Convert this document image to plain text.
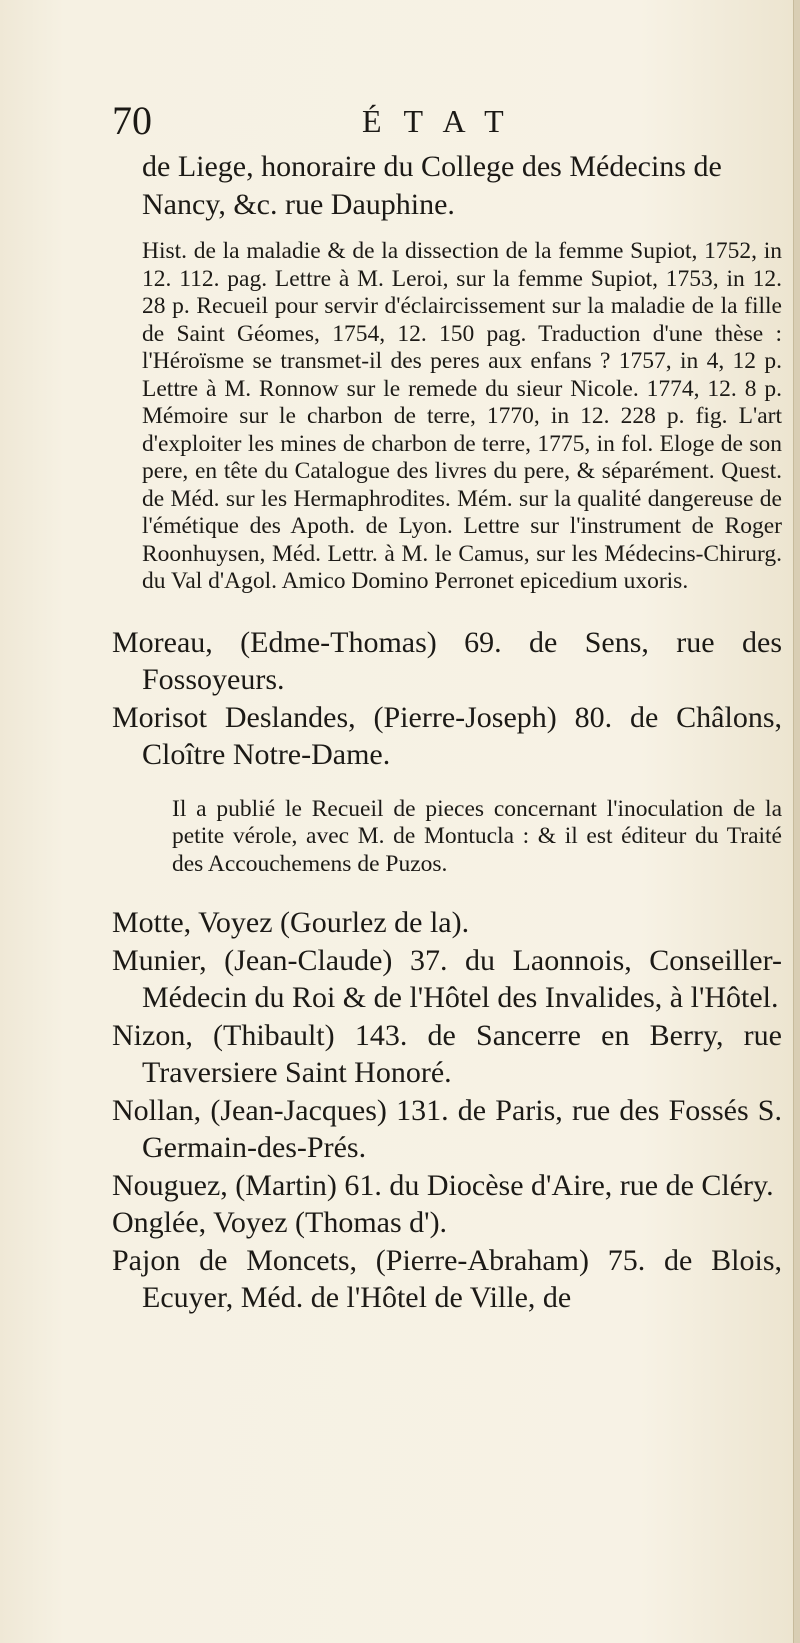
70	ÉTAT

de Liege, honoraire du College des Médecins de Nancy, &c. rue Dauphine.

Hist. de la maladie & de la dissection de la femme Supiot, 1752, in 12. 112. pag. Lettre à M. Leroi, sur la femme Supiot, 1753, in 12. 28 p. Recueil pour servir d'éclaircissement sur la maladie de la fille de Saint Géomes, 1754, 12. 150 pag. Traduction d'une thèse : l'Héroïsme se transmet-il des peres aux enfans ? 1757, in 4, 12 p. Lettre à M. Ronnow sur le remede du sieur Nicole. 1774, 12. 8 p. Mémoire sur le charbon de terre, 1770, in 12. 228 p. fig. L'art d'exploiter les mines de charbon de terre, 1775, in fol. Eloge de son pere, en tête du Catalogue des livres du pere, & séparément. Quest. de Méd. sur les Hermaphrodites. Mém. sur la qualité dangereuse de l'émétique des Apoth. de Lyon. Lettre sur l'instrument de Roger Roonhuysen, Méd. Lettr. à M. le Camus, sur les Médecins-Chirurg. du Val d'Agol. Amico Domino Perronet epicedium uxoris.

Moreau, (Edme-Thomas) 69. de Sens, rue des Fossoyeurs.

Morisot Deslandes, (Pierre-Joseph) 80. de Châlons, Cloître Notre-Dame.

Il a publié le Recueil de pieces concernant l'inoculation de la petite vérole, avec M. de Montucla : & il est éditeur du Traité des Accouchemens de Puzos.

Motte, Voyez (Gourlez de la).

Munier, (Jean-Claude) 37. du Laonnois, Conseiller-Médecin du Roi & de l'Hôtel des Invalides, à l'Hôtel.

Nizon, (Thibault) 143. de Sancerre en Berry, rue Traversiere Saint Honoré.

Nollan, (Jean-Jacques) 131. de Paris, rue des Fossés S. Germain-des-Prés.

Nouguez, (Martin) 61. du Diocèse d'Aire, rue de Cléry.

Onglée, Voyez (Thomas d').

Pajon de Moncets, (Pierre-Abraham) 75. de Blois, Ecuyer, Méd. de l'Hôtel de Ville, de
